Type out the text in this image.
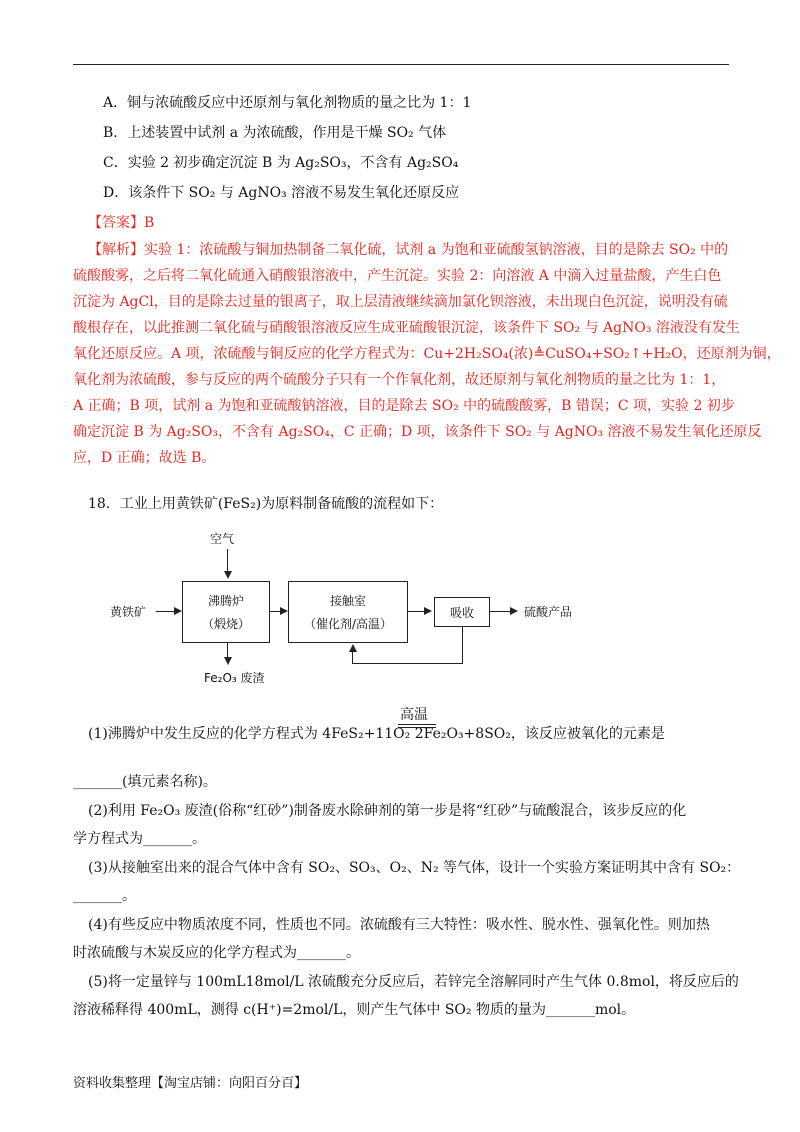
A．铜与浓硫酸反应中还原剂与氧化剂物质的量之比为 1：1
B．上述装置中试剂 a 为浓硫酸，作用是干燥 SO₂ 气体
C．实验 2 初步确定沉淀 B 为 Ag₂SO₃，不含有 Ag₂SO₄
D．该条件下 SO₂ 与 AgNO₃ 溶液不易发生氧化还原反应
【答案】B
【解析】实验 1：浓硫酸与铜加热制备二氧化硫，试剂 a 为饱和亚硫酸氢钠溶液，目的是除去 SO₂ 中的
硫酸酸雾，之后将二氧化硫通入硝酸银溶液中，产生沉淀。实验 2：向溶液 A 中滴入过量盐酸，产生白色
沉淀为 AgCl，目的是除去过量的银离子，取上层清液继续滴加氯化钡溶液，未出现白色沉淀，说明没有硫
酸根存在，以此推测二氧化硫与硝酸银溶液反应生成亚硫酸银沉淀，该条件下 SO₂ 与 AgNO₃ 溶液没有发生
氧化还原反应。A 项，浓硫酸与铜反应的化学方程式为：Cu+2H₂SO₄(浓)≜CuSO₄+SO₂↑+H₂O，还原剂为铜，
氧化剂为浓硫酸，参与反应的两个硫酸分子只有一个作氧化剂，故还原剂与氧化剂物质的量之比为 1：1，
A 正确；B 项，试剂 a 为饱和亚硫酸钠溶液，目的是除去 SO₂ 中的硫酸酸雾，B 错误；C 项，实验 2 初步
确定沉淀 B 为 Ag₂SO₃，不含有 Ag₂SO₄，C 正确；D 项，该条件下 SO₂ 与 AgNO₃ 溶液不易发生氧化还原反
应，D 正确；故选 B。
18．工业上用黄铁矿(FeS₂)为原料制备硫酸的流程如下：
空气
黄铁矿
沸腾炉
（煅烧）
接触室
（催化剂/高温）
吸收	硫酸产品
Fe₂O₃ 废渣
高温
(1)沸腾炉中发生反应的化学方程式为 4FeS₂+11O₂ 2Fe₂O₃+8SO₂，该反应被氧化的元素是
_______(填元素名称)。
(2)利用 Fe₂O₃ 废渣(俗称“红砂”)制备废水除砷剂的第一步是将“红砂”与硫酸混合，该步反应的化
学方程式为_______。
(3)从接触室出来的混合气体中含有 SO₂、SO₃、O₂、N₂ 等气体，设计一个实验方案证明其中含有 SO₂：
_______。
(4)有些反应中物质浓度不同，性质也不同。浓硫酸有三大特性：吸水性、脱水性、强氧化性。则加热
时浓硫酸与木炭反应的化学方程式为_______。
(5)将一定量锌与 100mL18mol/L 浓硫酸充分反应后，若锌完全溶解同时产生气体 0.8mol，将反应后的
溶液稀释得 400mL，测得 c(H⁺)=2mol/L，则产生气体中 SO₂ 物质的量为_______mol。
资料收集整理【淘宝店铺：向阳百分百】
